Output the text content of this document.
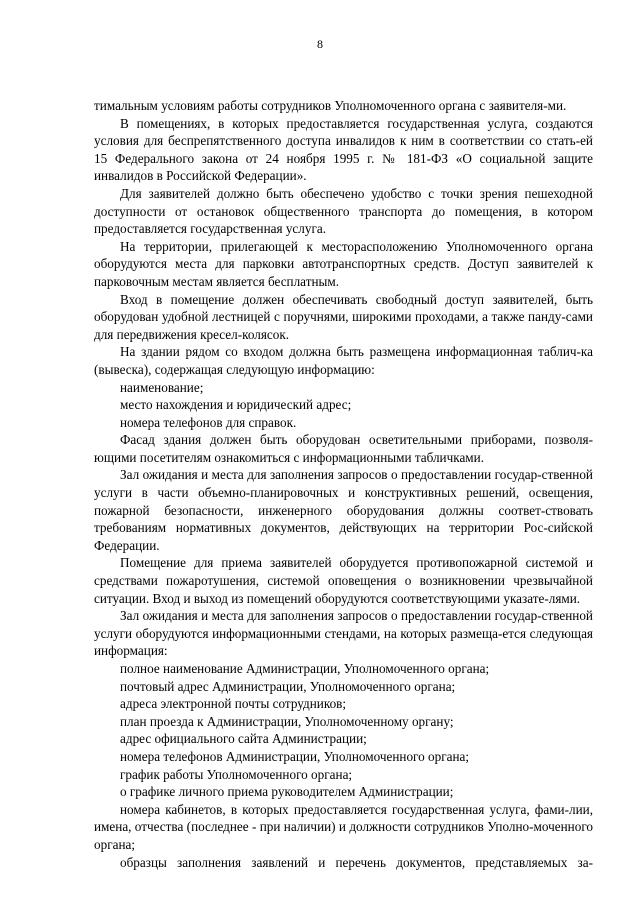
8

тимальным условиям работы сотрудников Уполномоченного органа с заявителя-ми.

В помещениях, в которых предоставляется государственная услуга, создаются условия для беспрепятственного доступа инвалидов к ним в соответствии со стать-ей 15 Федерального закона от 24 ноября 1995 г. № 181-ФЗ «О социальной защите инвалидов в Российской Федерации».

Для заявителей должно быть обеспечено удобство с точки зрения пешеходной доступности от остановок общественного транспорта до помещения, в котором предоставляется государственная услуга.

На территории, прилегающей к месторасположению Уполномоченного органа оборудуются места для парковки автотранспортных средств. Доступ заявителей к парковочным местам является бесплатным.

Вход в помещение должен обеспечивать свободный доступ заявителей, быть оборудован удобной лестницей с поручнями, широкими проходами, а также панду-сами для передвижения кресел-колясок.

На здании рядом со входом должна быть размещена информационная таблич-ка (вывеска), содержащая следующую информацию:

наименование;

место нахождения и юридический адрес;

номера телефонов для справок.

Фасад здания должен быть оборудован осветительными приборами, позволя-ющими посетителям ознакомиться с информационными табличками.

Зал ожидания и места для заполнения запросов о предоставлении государ-ственной услуги в части объемно-планировочных и конструктивных решений, освещения, пожарной безопасности, инженерного оборудования должны соответ-ствовать требованиям нормативных документов, действующих на территории Рос-сийской Федерации.

Помещение для приема заявителей оборудуется противопожарной системой и средствами пожаротушения, системой оповещения о возникновении чрезвычайной ситуации. Вход и выход из помещений оборудуются соответствующими указате-лями.

Зал ожидания и места для заполнения запросов о предоставлении государ-ственной услуги оборудуются информационными стендами, на которых размеща-ется следующая информация:

полное наименование Администрации, Уполномоченного органа;

почтовый адрес Администрации, Уполномоченного органа;

адреса электронной почты сотрудников;

план проезда к Администрации, Уполномоченному органу;

адрес официального сайта Администрации;

номера телефонов Администрации, Уполномоченного органа;

график работы Уполномоченного органа;

о графике личного приема руководителем Администрации;

номера кабинетов, в которых предоставляется государственная услуга, фами-лии, имена, отчества (последнее - при наличии) и должности сотрудников Уполно-моченного органа;

образцы заполнения заявлений и перечень документов, представляемых за-
